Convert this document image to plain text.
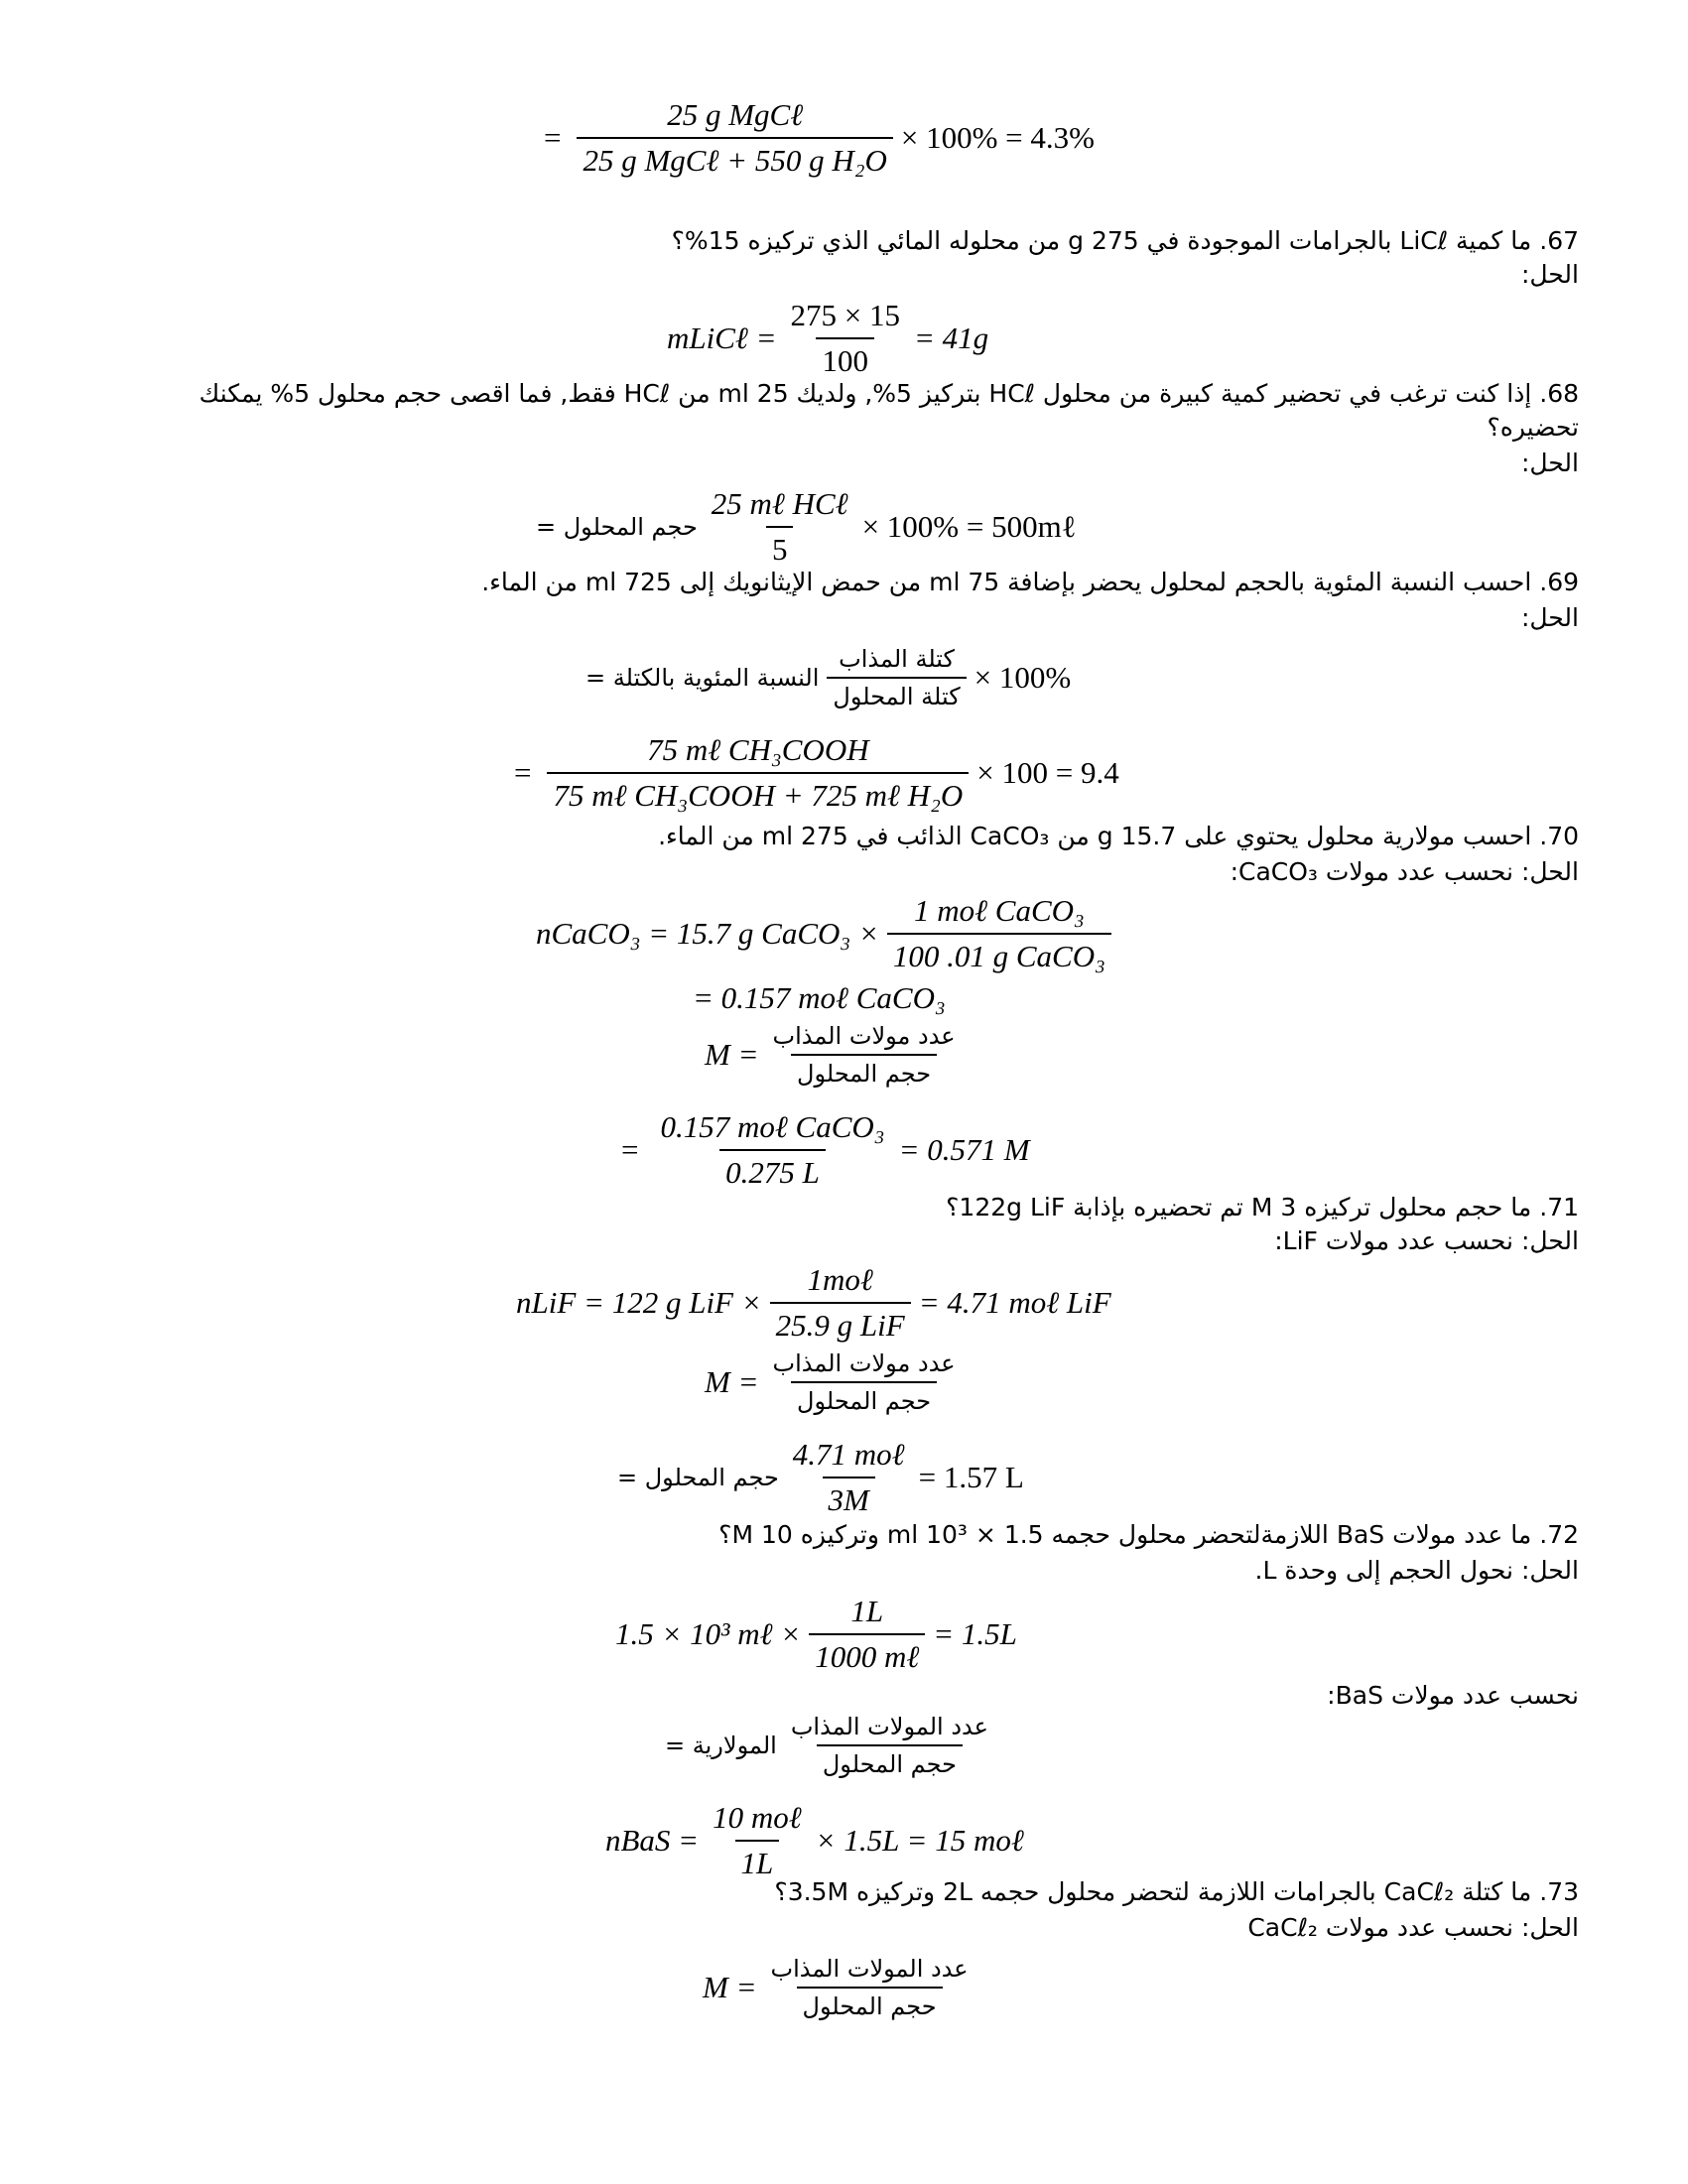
= $\frac{\text{25 g MgCℓ}}{\text{25 g MgCℓ + 550 g H₂O}} \times 100\% = 4.3\%$
67. ما كمية LiCℓ بالجرامات الموجودة في g 275 من محلوله المائي الذي تركيزه 15%؟
الحل:
mLiCℓ = $\frac{275 \times 15}{100} = 41g$
68. إذا كنت ترغب في تحضير كمية كبيرة من محلول HCℓ بتركيز 5%, ولديك ml 25 من HCℓ فقط, فما اقصى حجم محلول 5% يمكنك تحضيره؟
الحل:
حجم المحلول = $\frac{\text{25 mℓ HCℓ}}{5} \times 100\%$ = 500mℓ
69. احسب النسبة المئوية بالحجم لمحلول يحضر بإضافة ml 75 من حمض الإيثانويك إلى ml 725 من الماء.
الحل:
النسبة المئوية بالكتلة = $\frac{\text{كتلة المذاب}}{\text{كتلة المحلول}} \times 100\%$
= $\frac{\text{75 mℓ CH₃COOH}}{\text{75 mℓ CH₃COOH + 725 mℓ H₂O}} \times 100 = 9.4$
70. احسب مولارية محلول يحتوي على g 15.7 من CaCO₃ الذائب في ml 275 من الماء.
الحل: نحسب عدد مولات CaCO₃:
nCaCO₃ = 15.7 g CaCO₃ × $\frac{\text{1 moℓ CaCO₃}}{\text{100 .01 g CaCO₃}}$
= 0.157 moℓ CaCO₃
$M = \frac{\text{عدد مولات المذاب}}{\text{حجم المحلول}}$
= $\frac{\text{0.157 moℓ CaCO₃}}{0.275 L} = 0.571$ M
71. ما حجم محلول تركيزه M 3 تم تحضيره بإذابة 122g LiF؟
الحل: نحسب عدد مولات LiF:
nLiF = 122 g LiF × $\frac{\text{1moℓ}}{\text{25.9 g LiF}} = 4.71$ moℓ LiF
$M = \frac{\text{عدد مولات المذاب}}{\text{حجم المحلول}}$
حجم المحلول = $\frac{\text{4.71 moℓ}}{3M} = 1.57$ L
72. ما عدد مولات BaS اللازمةلتحضر محلول حجمه 1.5 × 10³ ml وتركيزه 10 M؟
الحل: نحول الحجم إلى وحدة L.
1.5 × 10³ mℓ × $\frac{1L}{\text{1000 mℓ}} = 1.5L$
نحسب عدد مولات BaS:
المولارية = $\frac{\text{عدد المولات المذاب}}{\text{حجم المحلول}}$
nBaS = $\frac{\text{10 moℓ}}{1L} \times 1.5L = 15$ moℓ
73. ما كتلة CaCℓ₂ بالجرامات اللازمة لتحضر محلول حجمه 2L وتركيزه 3.5M؟
الحل: نحسب عدد مولات CaCℓ₂
$M = \frac{\text{عدد المولات المذاب}}{\text{حجم المحلول}}$
